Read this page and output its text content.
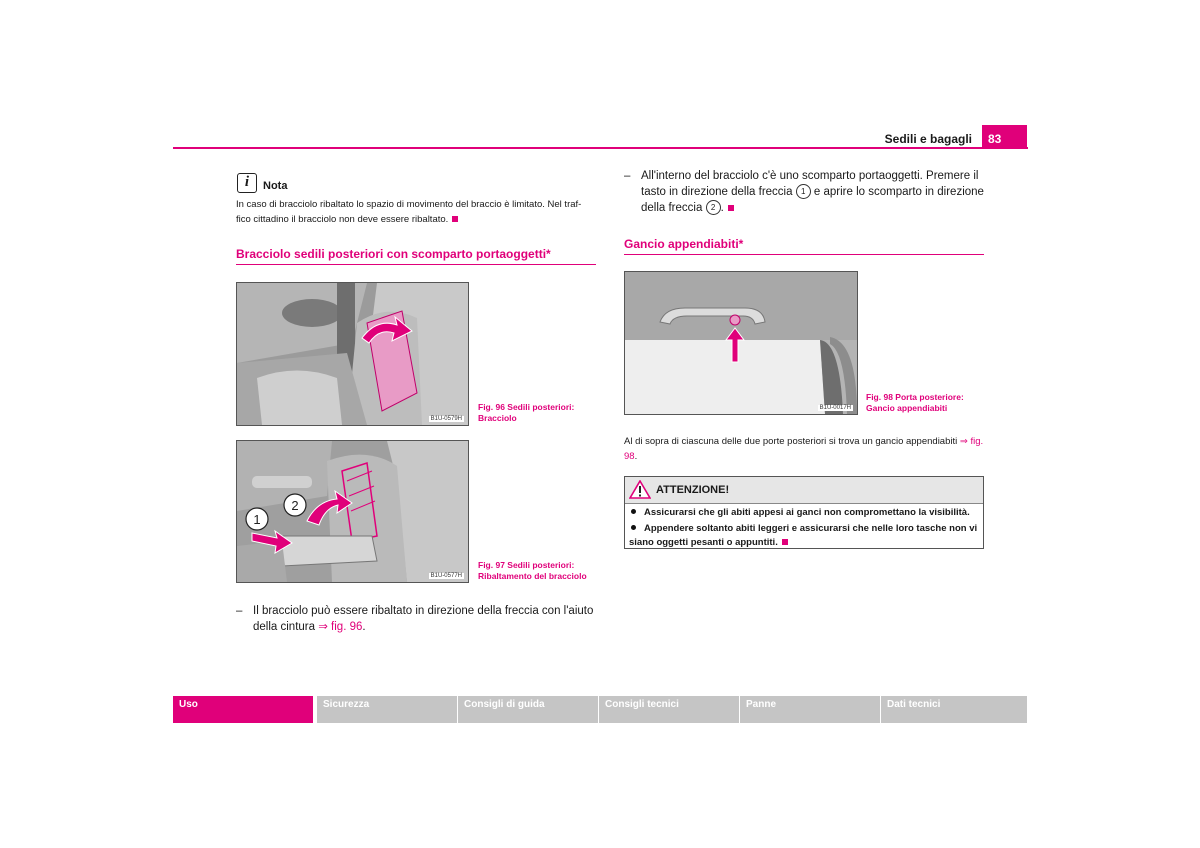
Sedili e bagagli	83
i	Nota
In caso di bracciolo ribaltato lo spazio di movimento del braccio è limitato. Nel traf- fico cittadino il bracciolo non deve essere ribaltato.
Bracciolo sedili posteriori con scomparto portaoggetti*
B1U-0579H
Fig. 96 Sedili posteriori: Bracciolo
1
2
B1U-0577H
Fig. 97 Sedili posteriori: Ribaltamento del bracciolo
– Il bracciolo può essere ribaltato in direzione della freccia con l'aiuto della cintura ⇒ fig. 96.
– All'interno del bracciolo c'è uno scomparto portaoggetti. Premere il tasto in direzione della freccia 1 e aprire lo scomparto in direzione della freccia 2 .
Gancio appendiabiti*
B1U-0017H
Fig. 98 Porta posteriore: Gancio appendiabiti
Al di sopra di ciascuna delle due porte posteriori si trova un gancio appendiabiti ⇒ fig. 98.
ATTENZIONE!
Assicurarsi che gli abiti appesi ai ganci non compromettano la visibilità.
Appendere soltanto abiti leggeri e assicurarsi che nelle loro tasche non vi siano oggetti pesanti o appuntiti.
Uso	Sicurezza	Consigli di guida	Consigli tecnici	Panne	Dati tecnici
